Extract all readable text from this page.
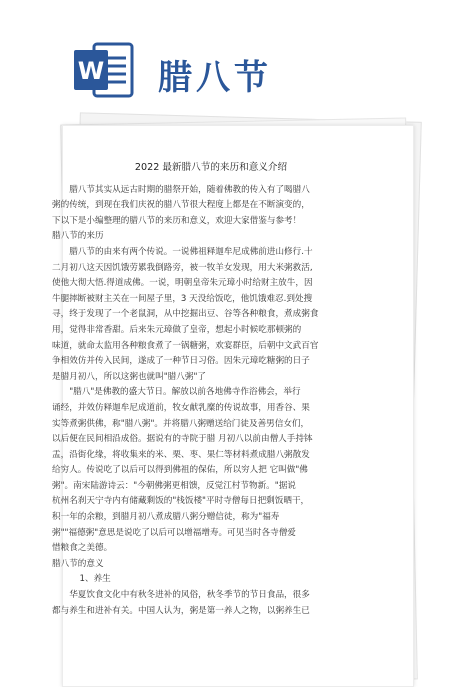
W 腊八节
2022 最新腊八节的来历和意义介绍

腊八节其实从远古时期的腊祭开始，随着佛教的传入有了喝腊八

粥的传统，到现在我们庆祝的腊八节很大程度上都是在不断演变的，

下以下是小编整理的腊八节的来历和意义，欢迎大家借鉴与参考！

腊八节的来历

腊八节的由来有两个传说。一说佛祖释迦牟尼成佛前进山修行.十

二月初八这天因饥饿劳累我倒路旁，被一牧羊女发现，用大米粥救活,

使他大彻大悟.得道成佛。一说，明朝皇帝朱元璋小时给财主放牛，因

牛腿摔断被财主关在一间屋子里，3 天没给饭吃，他饥饿难忍.到处搜

寻，终于发现了一个老鼠洞，从中挖掘出豆、谷等各种粮食，煮成粥食

用，觉得非常香甜。后来朱元璋做了皇帝，想起小时候吃那顿粥的

味道，就命太监用各种粮食煮了一锅糖粥，欢宴群臣，后朝中文武百官

争相效仿并传入民间，遂成了一种节日习俗。因朱元璋吃糖粥的日子

是腊月初八，所以这粥也就叫"腊八粥"了

"腊八"是佛教的盛大节日。解放以前各地佛寺作浴佛会，举行

诵经，并效仿释迦牟尼成道前，牧女献乳糜的传说故事，用香谷、果

实等煮粥供佛，称"腊八粥"。并将腊八粥赠送给门徒及善男信女们，

以后便在民间相沿成俗。据说有的寺院于腊 月初八以前由僧人手持钵

盂，沿街化缘，将收集来的米、栗、枣、果仁等材料煮成腊八粥散发

给穷人。传说吃了以后可以得到佛祖的保佑，所以穷人把 它叫做"佛

粥"。南宋陆游诗云："今朝佛粥更相馈，反觉江村节物新。"据说

杭州名刹天宁寺内有储藏剩饭的"栈饭楼"平时寺僧每日把剩饭晒干，

积一年的余粮，到腊月初八煮成腊八粥分赠信徒，称为"福寿

粥""福德粥"意思是说吃了以后可以增福增寿。可见当时各寺僧爱

惜粮食之美德。

腊八节的意义

1、养生

华夏饮食文化中有秋冬进补的风俗，秋冬季节的节日食品，很多

都与养生和进补有关。中国人认为，粥是第一养人之物，以粥养生已
